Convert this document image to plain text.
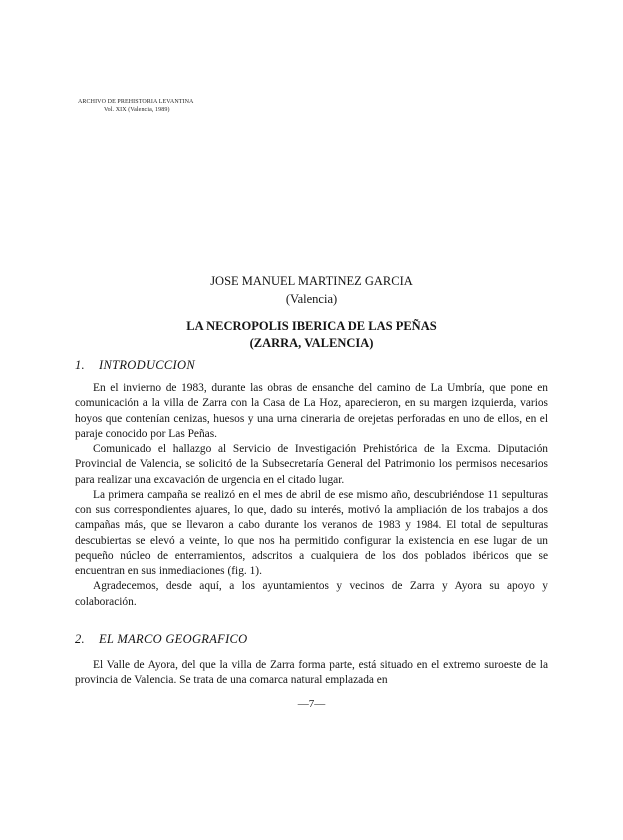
ARCHIVO DE PREHISTORIA LEVANTINA
Vol. XIX (Valencia, 1989)
JOSE MANUEL MARTINEZ GARCIA
(Valencia)
LA NECROPOLIS IBERICA DE LAS PEÑAS
(ZARRA, VALENCIA)
1. INTRODUCCION

En el invierno de 1983, durante las obras de ensanche del camino de La Umbría, que pone en comunicación a la villa de Zarra con la Casa de La Hoz, aparecieron, en su margen izquierda, varios hoyos que contenían cenizas, huesos y una urna cineraria de orejetas perforadas en uno de ellos, en el paraje conocido por Las Peñas.

Comunicado el hallazgo al Servicio de Investigación Prehistórica de la Excma. Diputación Provincial de Valencia, se solicitó de la Subsecretaría General del Patrimonio los permisos necesarios para realizar una excavación de urgencia en el citado lugar.

La primera campaña se realizó en el mes de abril de ese mismo año, descubriéndose 11 sepulturas con sus correspondientes ajuares, lo que, dado su interés, motivó la ampliación de los trabajos a dos campañas más, que se llevaron a cabo durante los veranos de 1983 y 1984. El total de sepulturas descubiertas se elevó a veinte, lo que nos ha permitido configurar la existencia en ese lugar de un pequeño núcleo de enterramientos, adscritos a cualquiera de los dos poblados ibéricos que se encuentran en sus inmediaciones (fig. 1).

Agradecemos, desde aquí, a los ayuntamientos y vecinos de Zarra y Ayora su apoyo y colaboración.

2. EL MARCO GEOGRAFICO

El Valle de Ayora, del que la villa de Zarra forma parte, está situado en el extremo suroeste de la provincia de Valencia. Se trata de una comarca natural emplazada en

—7—
